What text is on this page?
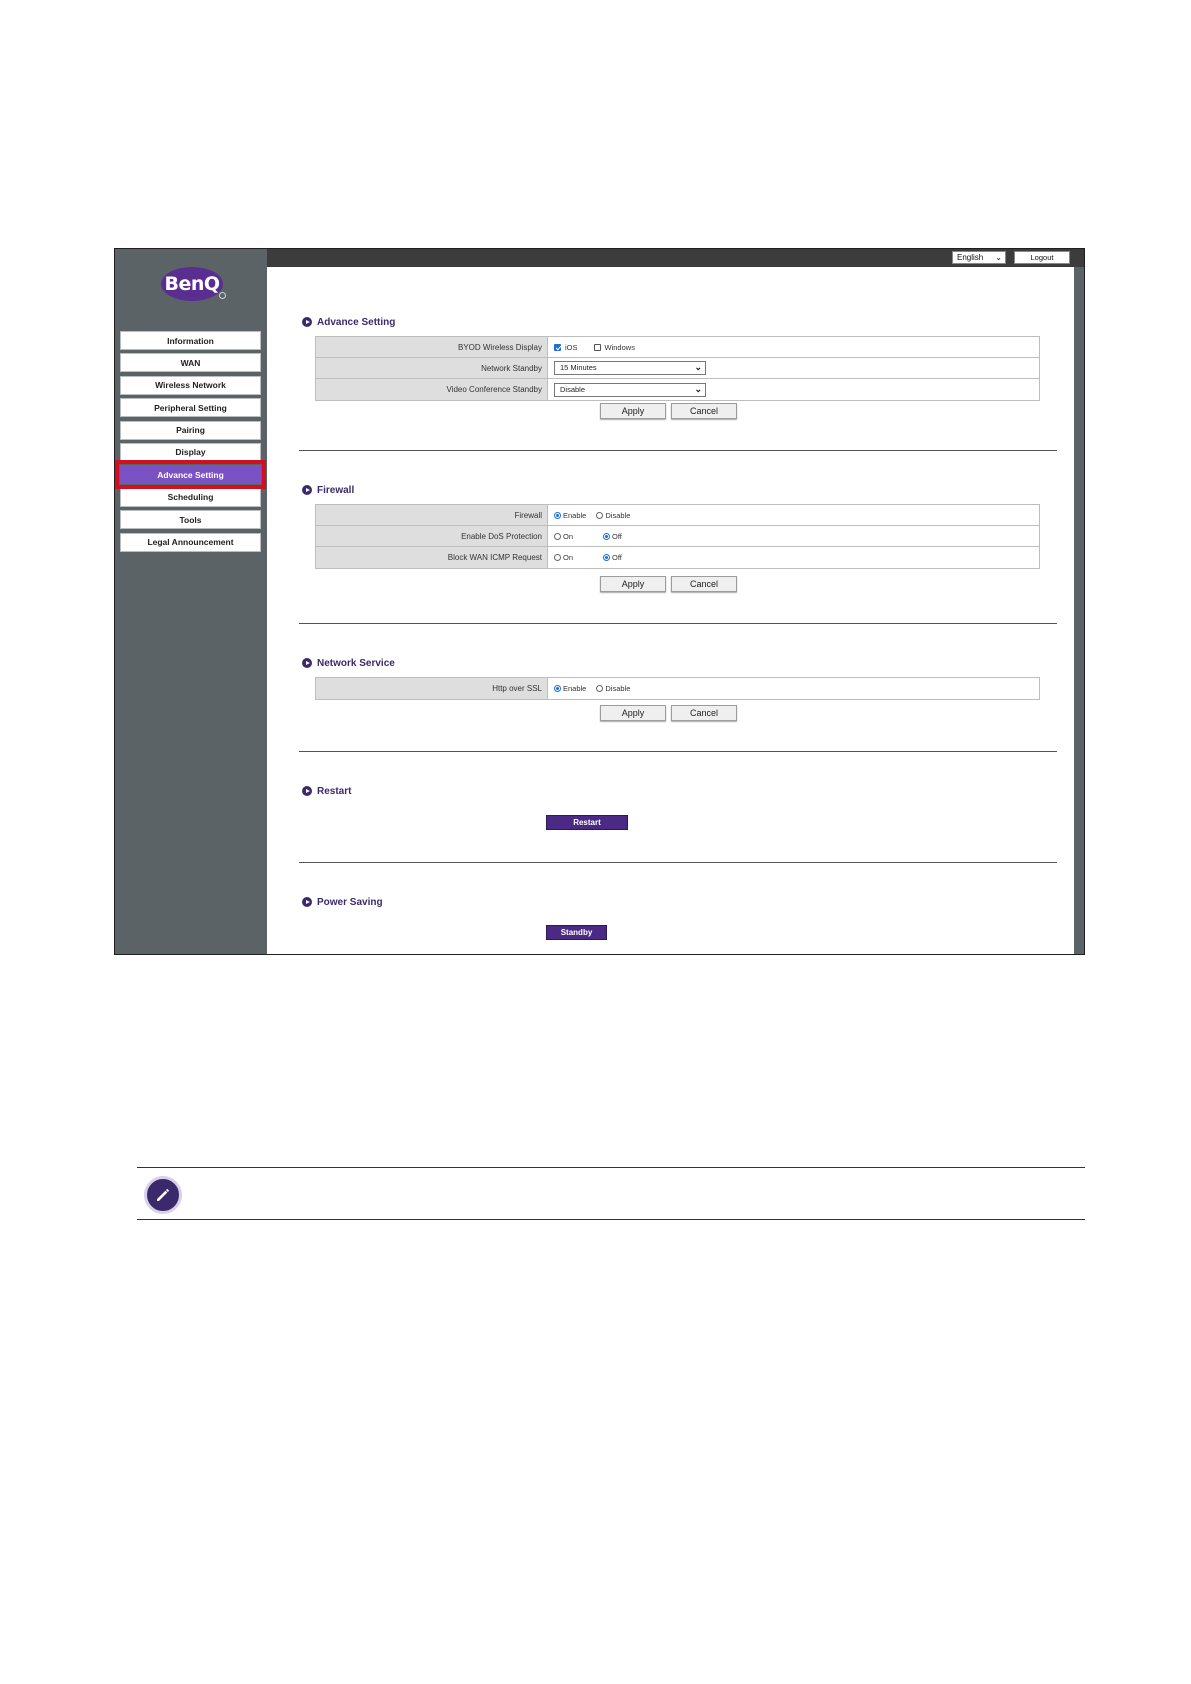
BenQ
Information
WAN
Wireless Network
Peripheral Setting
Pairing
Display
Advance Setting
Scheduling
Tools
Legal Announcement
English ⌄	Logout
Advance Setting
BYOD Wireless Display	iOS	Windows
Network Standby	15 Minutes	⌄
Video Conference Standby	Disable	⌄
Apply	Cancel
Firewall
Firewall	Enable	Disable
Enable DoS Protection	On	Off
Block WAN ICMP Request	On	Off
Apply	Cancel
Network Service
Http over SSL	Enable	Disable
Apply	Cancel
Restart
Restart
Power Saving
Standby
